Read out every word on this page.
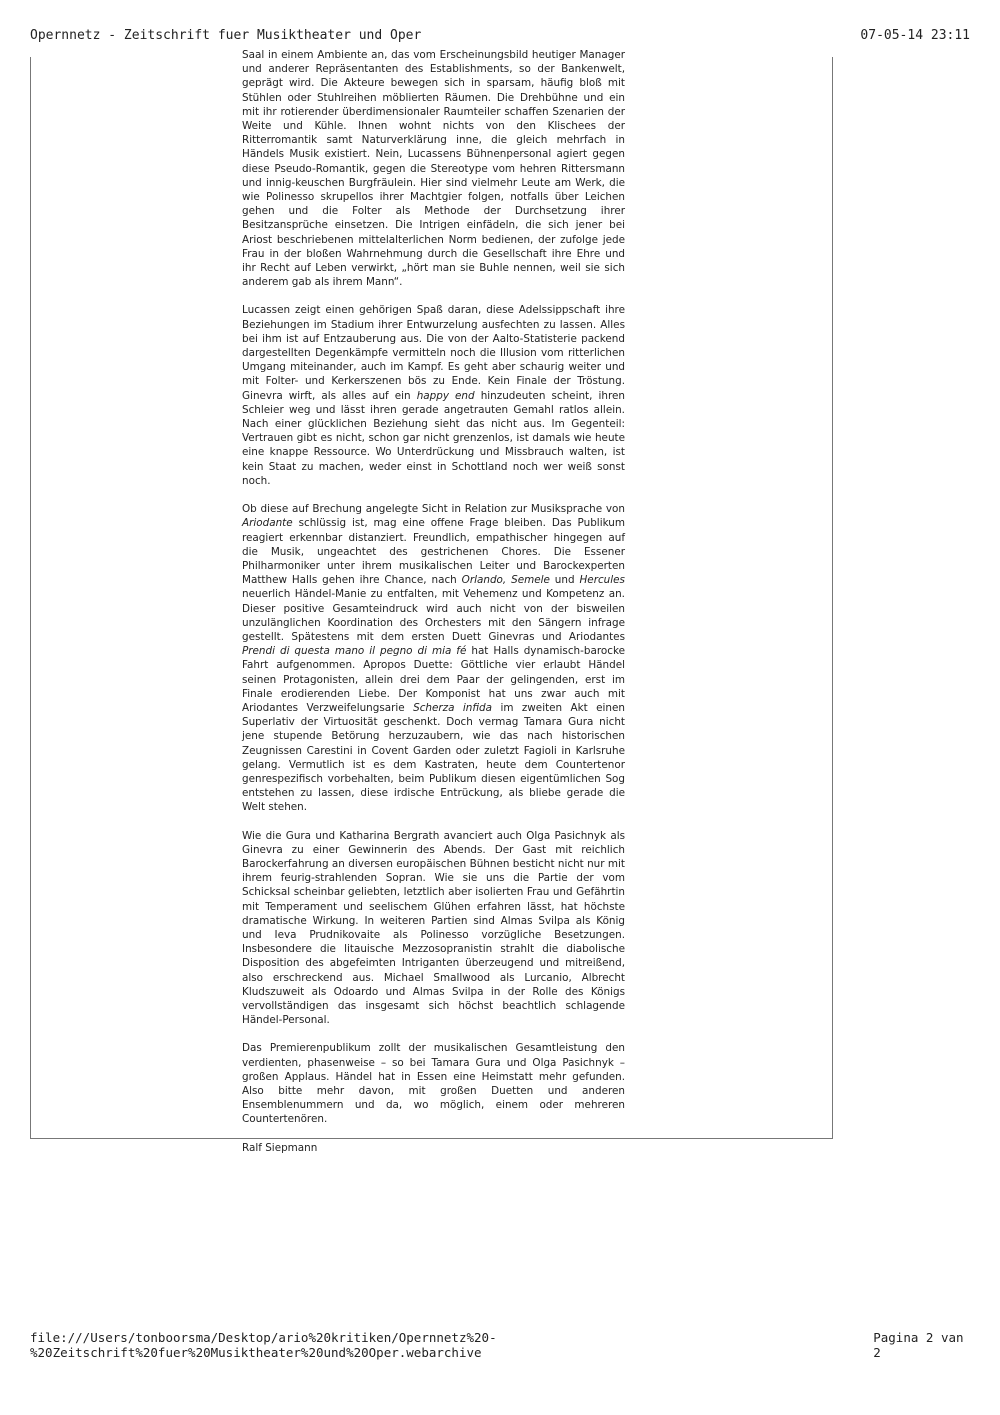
Opernnetz - Zeitschrift fuer Musiktheater und Oper	07-05-14 23:11

Saal in einem Ambiente an, das vom Erscheinungsbild heutiger Manager und anderer Repräsentanten des Establishments, so der Bankenwelt, geprägt wird. Die Akteure bewegen sich in sparsam, häufig bloß mit Stühlen oder Stuhlreihen möblierten Räumen. Die Drehbühne und ein mit ihr rotierender überdimensionaler Raumteiler schaffen Szenarien der Weite und Kühle. Ihnen wohnt nichts von den Klischees der Ritterromantik samt Naturverklärung inne, die gleich mehrfach in Händels Musik existiert. Nein, Lucassens Bühnenpersonal agiert gegen diese Pseudo-Romantik, gegen die Stereotype vom hehren Rittersmann und innig-keuschen Burgfräulein. Hier sind vielmehr Leute am Werk, die wie Polinesso skrupellos ihrer Machtgier folgen, notfalls über Leichen gehen und die Folter als Methode der Durchsetzung ihrer Besitzansprüche einsetzen. Die Intrigen einfädeln, die sich jener bei Ariost beschriebenen mittelalterlichen Norm bedienen, der zufolge jede Frau in der bloßen Wahrnehmung durch die Gesellschaft ihre Ehre und ihr Recht auf Leben verwirkt, „hört man sie Buhle nennen, weil sie sich anderem gab als ihrem Mann“.

Lucassen zeigt einen gehörigen Spaß daran, diese Adelssippschaft ihre Beziehungen im Stadium ihrer Entwurzelung ausfechten zu lassen. Alles bei ihm ist auf Entzauberung aus. Die von der Aalto-Statisterie packend dargestellten Degenkämpfe vermitteln noch die Illusion vom ritterlichen Umgang miteinander, auch im Kampf. Es geht aber schaurig weiter und mit Folter- und Kerkerszenen bös zu Ende. Kein Finale der Tröstung. Ginevra wirft, als alles auf ein happy end hinzudeuten scheint, ihren Schleier weg und lässt ihren gerade angetrauten Gemahl ratlos allein. Nach einer glücklichen Beziehung sieht das nicht aus. Im Gegenteil: Vertrauen gibt es nicht, schon gar nicht grenzenlos, ist damals wie heute eine knappe Ressource. Wo Unterdrückung und Missbrauch walten, ist kein Staat zu machen, weder einst in Schottland noch wer weiß sonst noch.

Ob diese auf Brechung angelegte Sicht in Relation zur Musiksprache von Ariodante schlüssig ist, mag eine offene Frage bleiben. Das Publikum reagiert erkennbar distanziert. Freundlich, empathischer hingegen auf die Musik, ungeachtet des gestrichenen Chores. Die Essener Philharmoniker unter ihrem musikalischen Leiter und Barockexperten Matthew Halls gehen ihre Chance, nach Orlando, Semele und Hercules neuerlich Händel-Manie zu entfalten, mit Vehemenz und Kompetenz an. Dieser positive Gesamteindruck wird auch nicht von der bisweilen unzulänglichen Koordination des Orchesters mit den Sängern infrage gestellt. Spätestens mit dem ersten Duett Ginevras und Ariodantes Prendi di questa mano il pegno di mia fé hat Halls dynamisch-barocke Fahrt aufgenommen. Apropos Duette: Göttliche vier erlaubt Händel seinen Protagonisten, allein drei dem Paar der gelingenden, erst im Finale erodierenden Liebe. Der Komponist hat uns zwar auch mit Ariodantes Verzweifelungsarie Scherza infida im zweiten Akt einen Superlativ der Virtuosität geschenkt. Doch vermag Tamara Gura nicht jene stupende Betörung herzuzaubern, wie das nach historischen Zeugnissen Carestini in Covent Garden oder zuletzt Fagioli in Karlsruhe gelang. Vermutlich ist es dem Kastraten, heute dem Countertenor genrespezifisch vorbehalten, beim Publikum diesen eigentümlichen Sog entstehen zu lassen, diese irdische Entrückung, als bliebe gerade die Welt stehen.

Wie die Gura und Katharina Bergrath avanciert auch Olga Pasichnyk als Ginevra zu einer Gewinnerin des Abends. Der Gast mit reichlich Barockerfahrung an diversen europäischen Bühnen besticht nicht nur mit ihrem feurig-strahlenden Sopran. Wie sie uns die Partie der vom Schicksal scheinbar geliebten, letztlich aber isolierten Frau und Gefährtin mit Temperament und seelischem Glühen erfahren lässt, hat höchste dramatische Wirkung. In weiteren Partien sind Almas Svilpa als König und Ieva Prudnikovaite als Polinesso vorzügliche Besetzungen. Insbesondere die litauische Mezzosopranistin strahlt die diabolische Disposition des abgefeimten Intriganten überzeugend und mitreißend, also erschreckend aus. Michael Smallwood als Lurcanio, Albrecht Kludszuweit als Odoardo und Almas Svilpa in der Rolle des Königs vervollständigen das insgesamt sich höchst beachtlich schlagende Händel-Personal.

Das Premierenpublikum zollt der musikalischen Gesamtleistung den verdienten, phasenweise – so bei Tamara Gura und Olga Pasichnyk – großen Applaus. Händel hat in Essen eine Heimstatt mehr gefunden. Also bitte mehr davon, mit großen Duetten und anderen Ensemblenummern und da, wo möglich, einem oder mehreren Countertenören.

Ralf Siepmann

file:///Users/tonboorsma/Desktop/ario%20kritiken/Opernnetz%20-%20Zeitschrift%20fuer%20Musiktheater%20und%20Oper.webarchive
Pagina 2 van 2
